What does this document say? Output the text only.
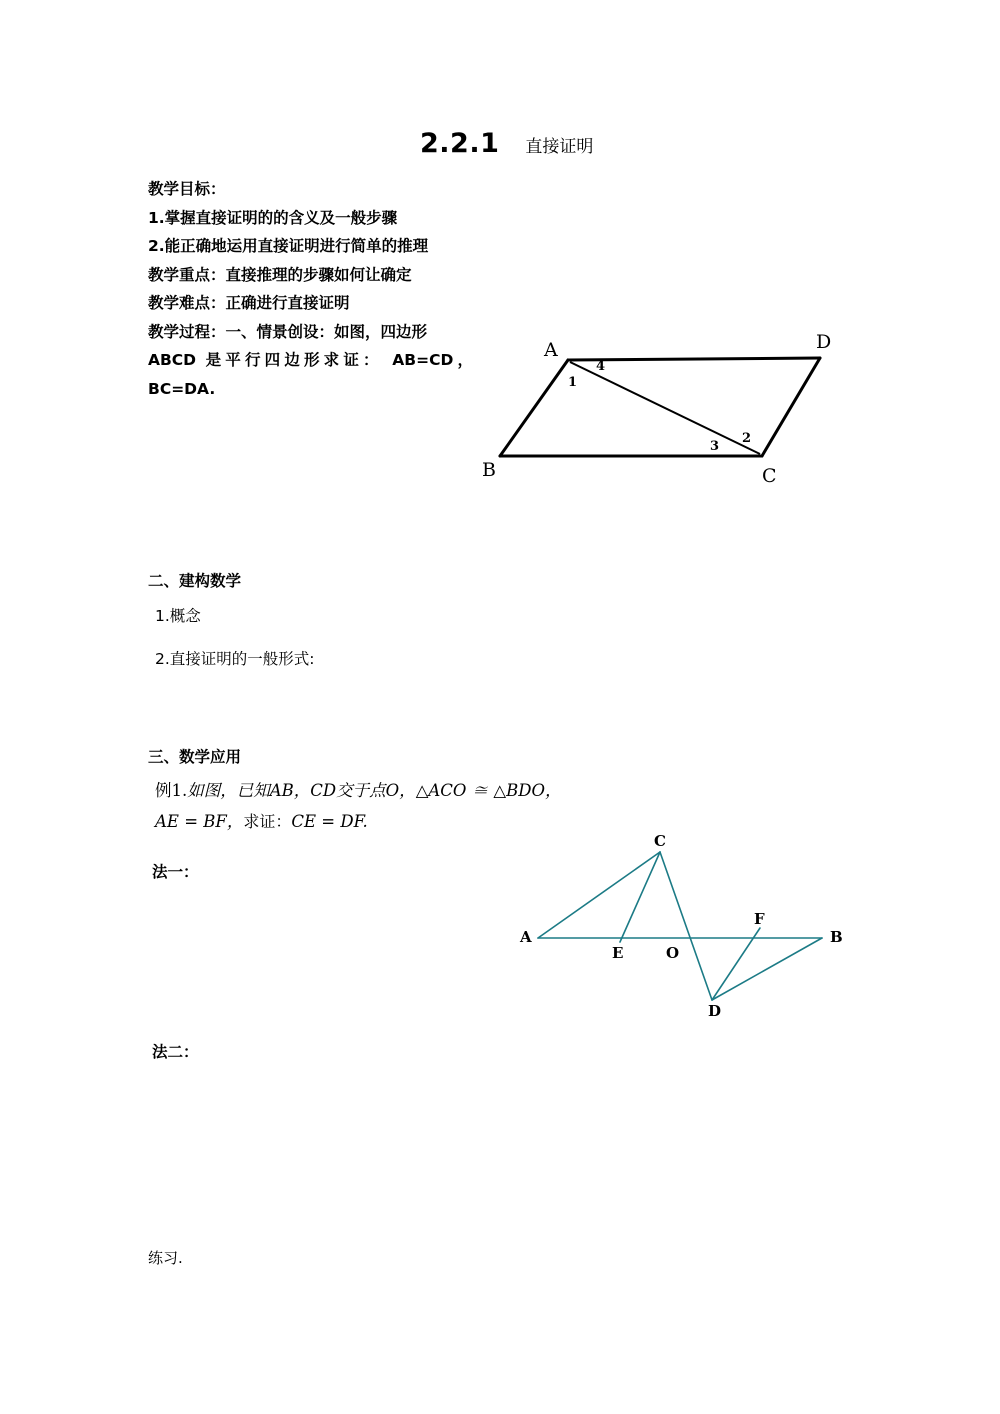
2.2.1 直接证明
教学目标：
1.掌握直接证明的的含义及一般步骤
2.能正确地运用直接证明进行简单的推理
教学重点：直接推理的步骤如何让确定
教学难点：正确进行直接证明
教学过程：一、情景创设：如图，四边形
ABCD 是平行四边形求证： AB=CD，
BC=DA.
A
B	C
D
1
4
3
2
二、建构数学
1.概念
2.直接证明的一般形式:
三、数学应用
例1.如图，已知AB，CD交于点O，△ACO ≅ △BDO，
AE = BF，求证：CE = DF.
法一：
A	B
C
D
E	O
F
法二：
练习.
